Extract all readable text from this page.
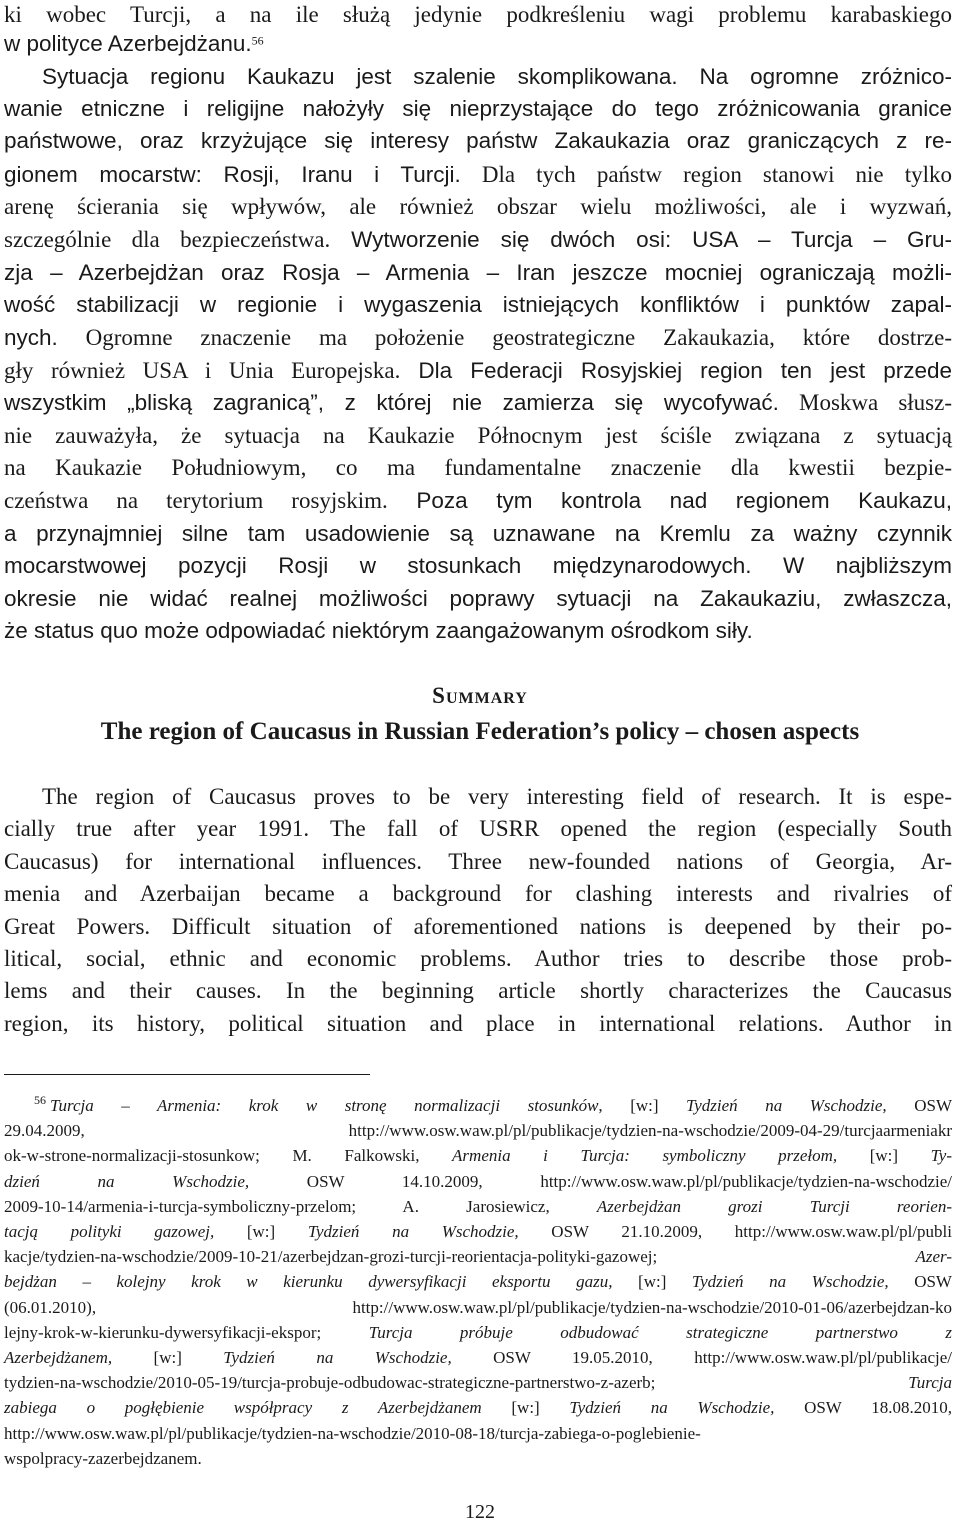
ki wobec Turcji, a na ile służą jedynie podkreśleniu wagi problemu karabaskiego
w polityce Azerbejdżanu.$^{56}$
Sytuacja regionu Kaukazu jest szalenie skomplikowana. Na ogromne zróżnico-
wanie etniczne i religijne nałożyły się nieprzystające do tego zróżnicowania granice
państwowe, oraz krzyżujące się interesy państw Zakaukazia oraz graniczących z re-
gionem mocarstw: Rosji, Iranu i Turcji. Dla tych państw region stanowi nie tylko
arenę ścierania się wpływów, ale również obszar wielu możliwości, ale i wyzwań,
szczególnie dla bezpieczeństwa. Wytworzenie się dwóch osi: USA – Turcja – Gru-
zja – Azerbejdżan oraz Rosja – Armenia – Iran jeszcze mocniej ograniczają możli-
wość stabilizacji w regionie i wygaszenia istniejących konfliktów i punktów zapal-
nych. Ogromne znaczenie ma położenie geostrategiczne Zakaukazia, które dostrze-
gły również USA i Unia Europejska. Dla Federacji Rosyjskiej region ten jest przede
wszystkim „bliską zagranicą”, z której nie zamierza się wycofywać. Moskwa słusz-
nie zauważyła, że sytuacja na Kaukazie Północnym jest ściśle związana z sytuacją
na Kaukazie Południowym, co ma fundamentalne znaczenie dla kwestii bezpie-
czeństwa na terytorium rosyjskim. Poza tym kontrola nad regionem Kaukazu,
a przynajmniej silne tam usadowienie są uznawane na Kremlu za ważny czynnik
mocarstwowej pozycji Rosji w stosunkach międzynarodowych. W najbliższym
okresie nie widać realnej możliwości poprawy sytuacji na Zakaukaziu, zwłaszcza,
że status quo może odpowiadać niektórym zaangażowanym ośrodkom siły.
Summary
The region of Caucasus in Russian Federation’s policy – chosen aspects
The region of Caucasus proves to be very interesting field of research. It is espe-
cially true after year 1991. The fall of USRR opened the region (especially South
Caucasus) for international influences. Three new-founded nations of Georgia, Ar-
menia and Azerbaijan became a background for clashing interests and rivalries of
Great Powers. Difficult situation of aforementioned nations is deepened by their po-
litical, social, ethnic and economic problems. Author tries to describe those prob-
lems and their causes. In the beginning article shortly characterizes the Caucasus
region, its history, political situation and place in international relations. Author in
$^{56}$ Turcja – Armenia: krok w stronę normalizacji stosunków, [w:] Tydzień na Wschodzie, OSW
29.04.2009, http://www.osw.waw.pl/pl/publikacje/tydzien-na-wschodzie/2009-04-29/turcjaarmeniakr
ok-w-strone-normalizacji-stosunkow; M. Falkowski, Armenia i Turcja: symboliczny przełom, [w:] Ty-
dzień na Wschodzie, OSW 14.10.2009, http://www.osw.waw.pl/pl/publikacje/tydzien-na-wschodzie/
2009-10-14/armenia-i-turcja-symboliczny-przelom; A. Jarosiewicz, Azerbejdżan grozi Turcji reorien-
tacją polityki gazowej, [w:] Tydzień na Wschodzie, OSW 21.10.2009, http://www.osw.waw.pl/pl/publi
kacje/tydzien-na-wschodzie/2009-10-21/azerbejdzan-grozi-turcji-reorientacja-polityki-gazowej; Azer-
bejdżan – kolejny krok w kierunku dywersyfikacji eksportu gazu, [w:] Tydzień na Wschodzie, OSW
(06.01.2010), http://www.osw.waw.pl/pl/publikacje/tydzien-na-wschodzie/2010-01-06/azerbejdzan-ko
lejny-krok-w-kierunku-dywersyfikacji-ekspor; Turcja próbuje odbudować strategiczne partnerstwo z
Azerbejdżanem, [w:] Tydzień na Wschodzie, OSW 19.05.2010, http://www.osw.waw.pl/pl/publikacje/
tydzien-na-wschodzie/2010-05-19/turcja-probuje-odbudowac-strategiczne-partnerstwo-z-azerb; Turcja
zabiega o pogłębienie współpracy z Azerbejdżanem [w:] Tydzień na Wschodzie, OSW 18.08.2010,
http://www.osw.waw.pl/pl/publikacje/tydzien-na-wschodzie/2010-08-18/turcja-zabiega-o-poglebienie-
wspolpracy-zazerbejdzanem.
122
